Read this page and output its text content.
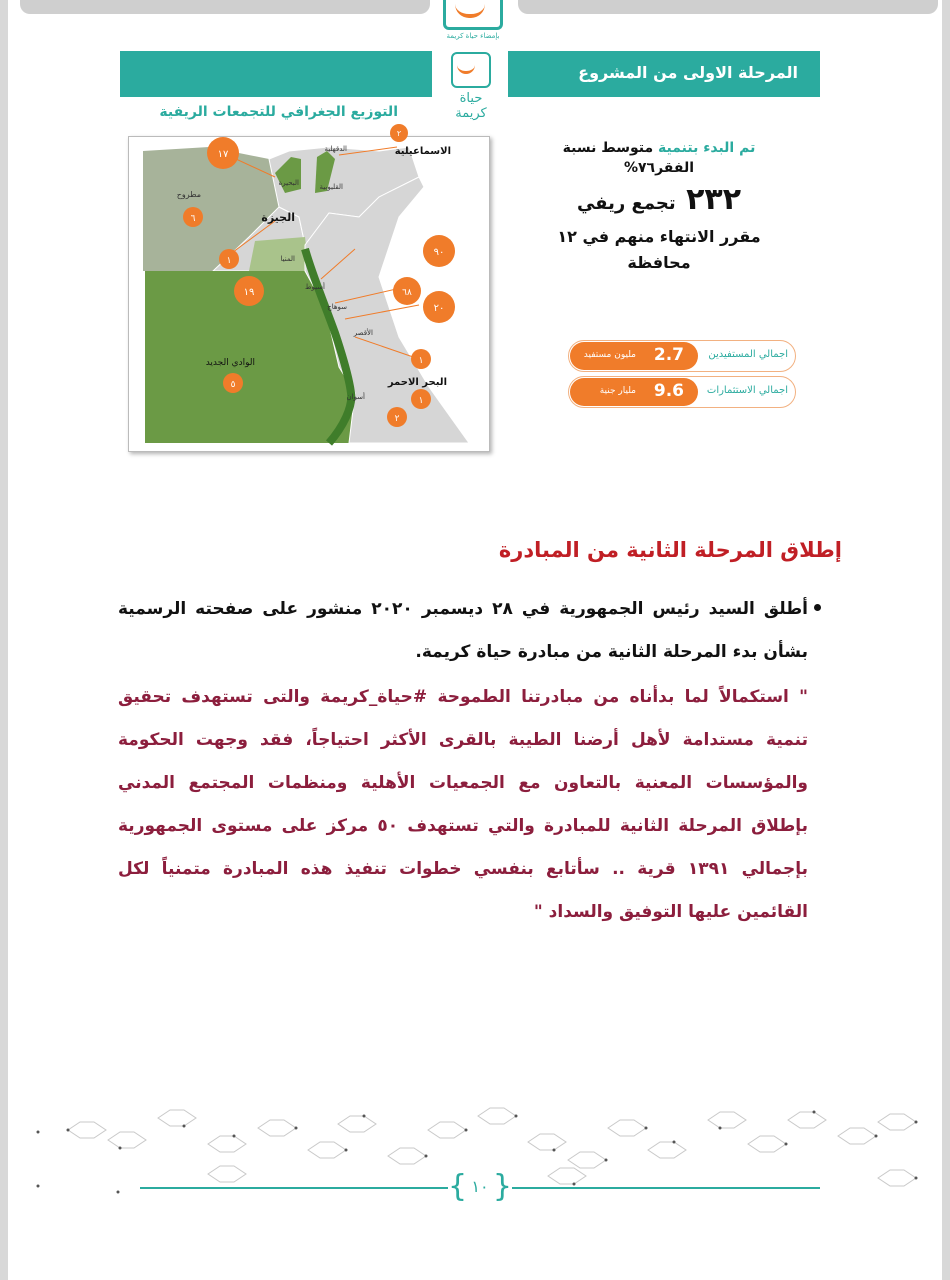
بإمضاء حياة كريمة
المرحلة الاولى من المشروع
حياة
كريمة
التوزيع الجغرافي للتجمعات الريفية
الاسماعيلية
الدقهلية
القليوبية
البحيرة
مطروح
الجيزة
المنيا
أسيوط
سوهاج
الأقصر
الوادي الجديد
البحر الاحمر
أسوان
١٧
٢
٦
١
٩٠
١٩	٦٨
٢٠
٥
١
١
٢
تم البدء بتنمية متوسط نسبة
الفقر٧٦%
٢٣٢ تجمع ريفي
مقرر الانتهاء منهم في ١٢
محافظة
اجمالي المستفيدين
2.7
مليون مستفيد
اجمالي الاستثمارات
9.6
مليار جنية
إطلاق المرحلة الثانية من المبادرة
أطلق السيد رئيس الجمهورية في ٢٨ ديسمبر ٢٠٢٠ منشور على صفحته الرسمية بشأن بدء المرحلة الثانية من مبادرة حياة كريمة.
" استكمالاً لما بدأناه من مبادرتنا الطموحة #حياة_كريمة والتى تستهدف تحقيق تنمية مستدامة لأهل أرضنا الطيبة بالقرى الأكثر احتياجاً، فقد وجهت الحكومة والمؤسسات المعنية بالتعاون مع الجمعيات الأهلية ومنظمات المجتمع المدني بإطلاق المرحلة الثانية للمبادرة والتي تستهدف ٥٠ مركز على مستوى الجمهورية بإجمالي ١٣٩١ قرية .. سأتابع بنفسي خطوات تنفيذ هذه المبادرة متمنياً لكل القائمين عليها التوفيق والسداد "
{ ١٠ }
